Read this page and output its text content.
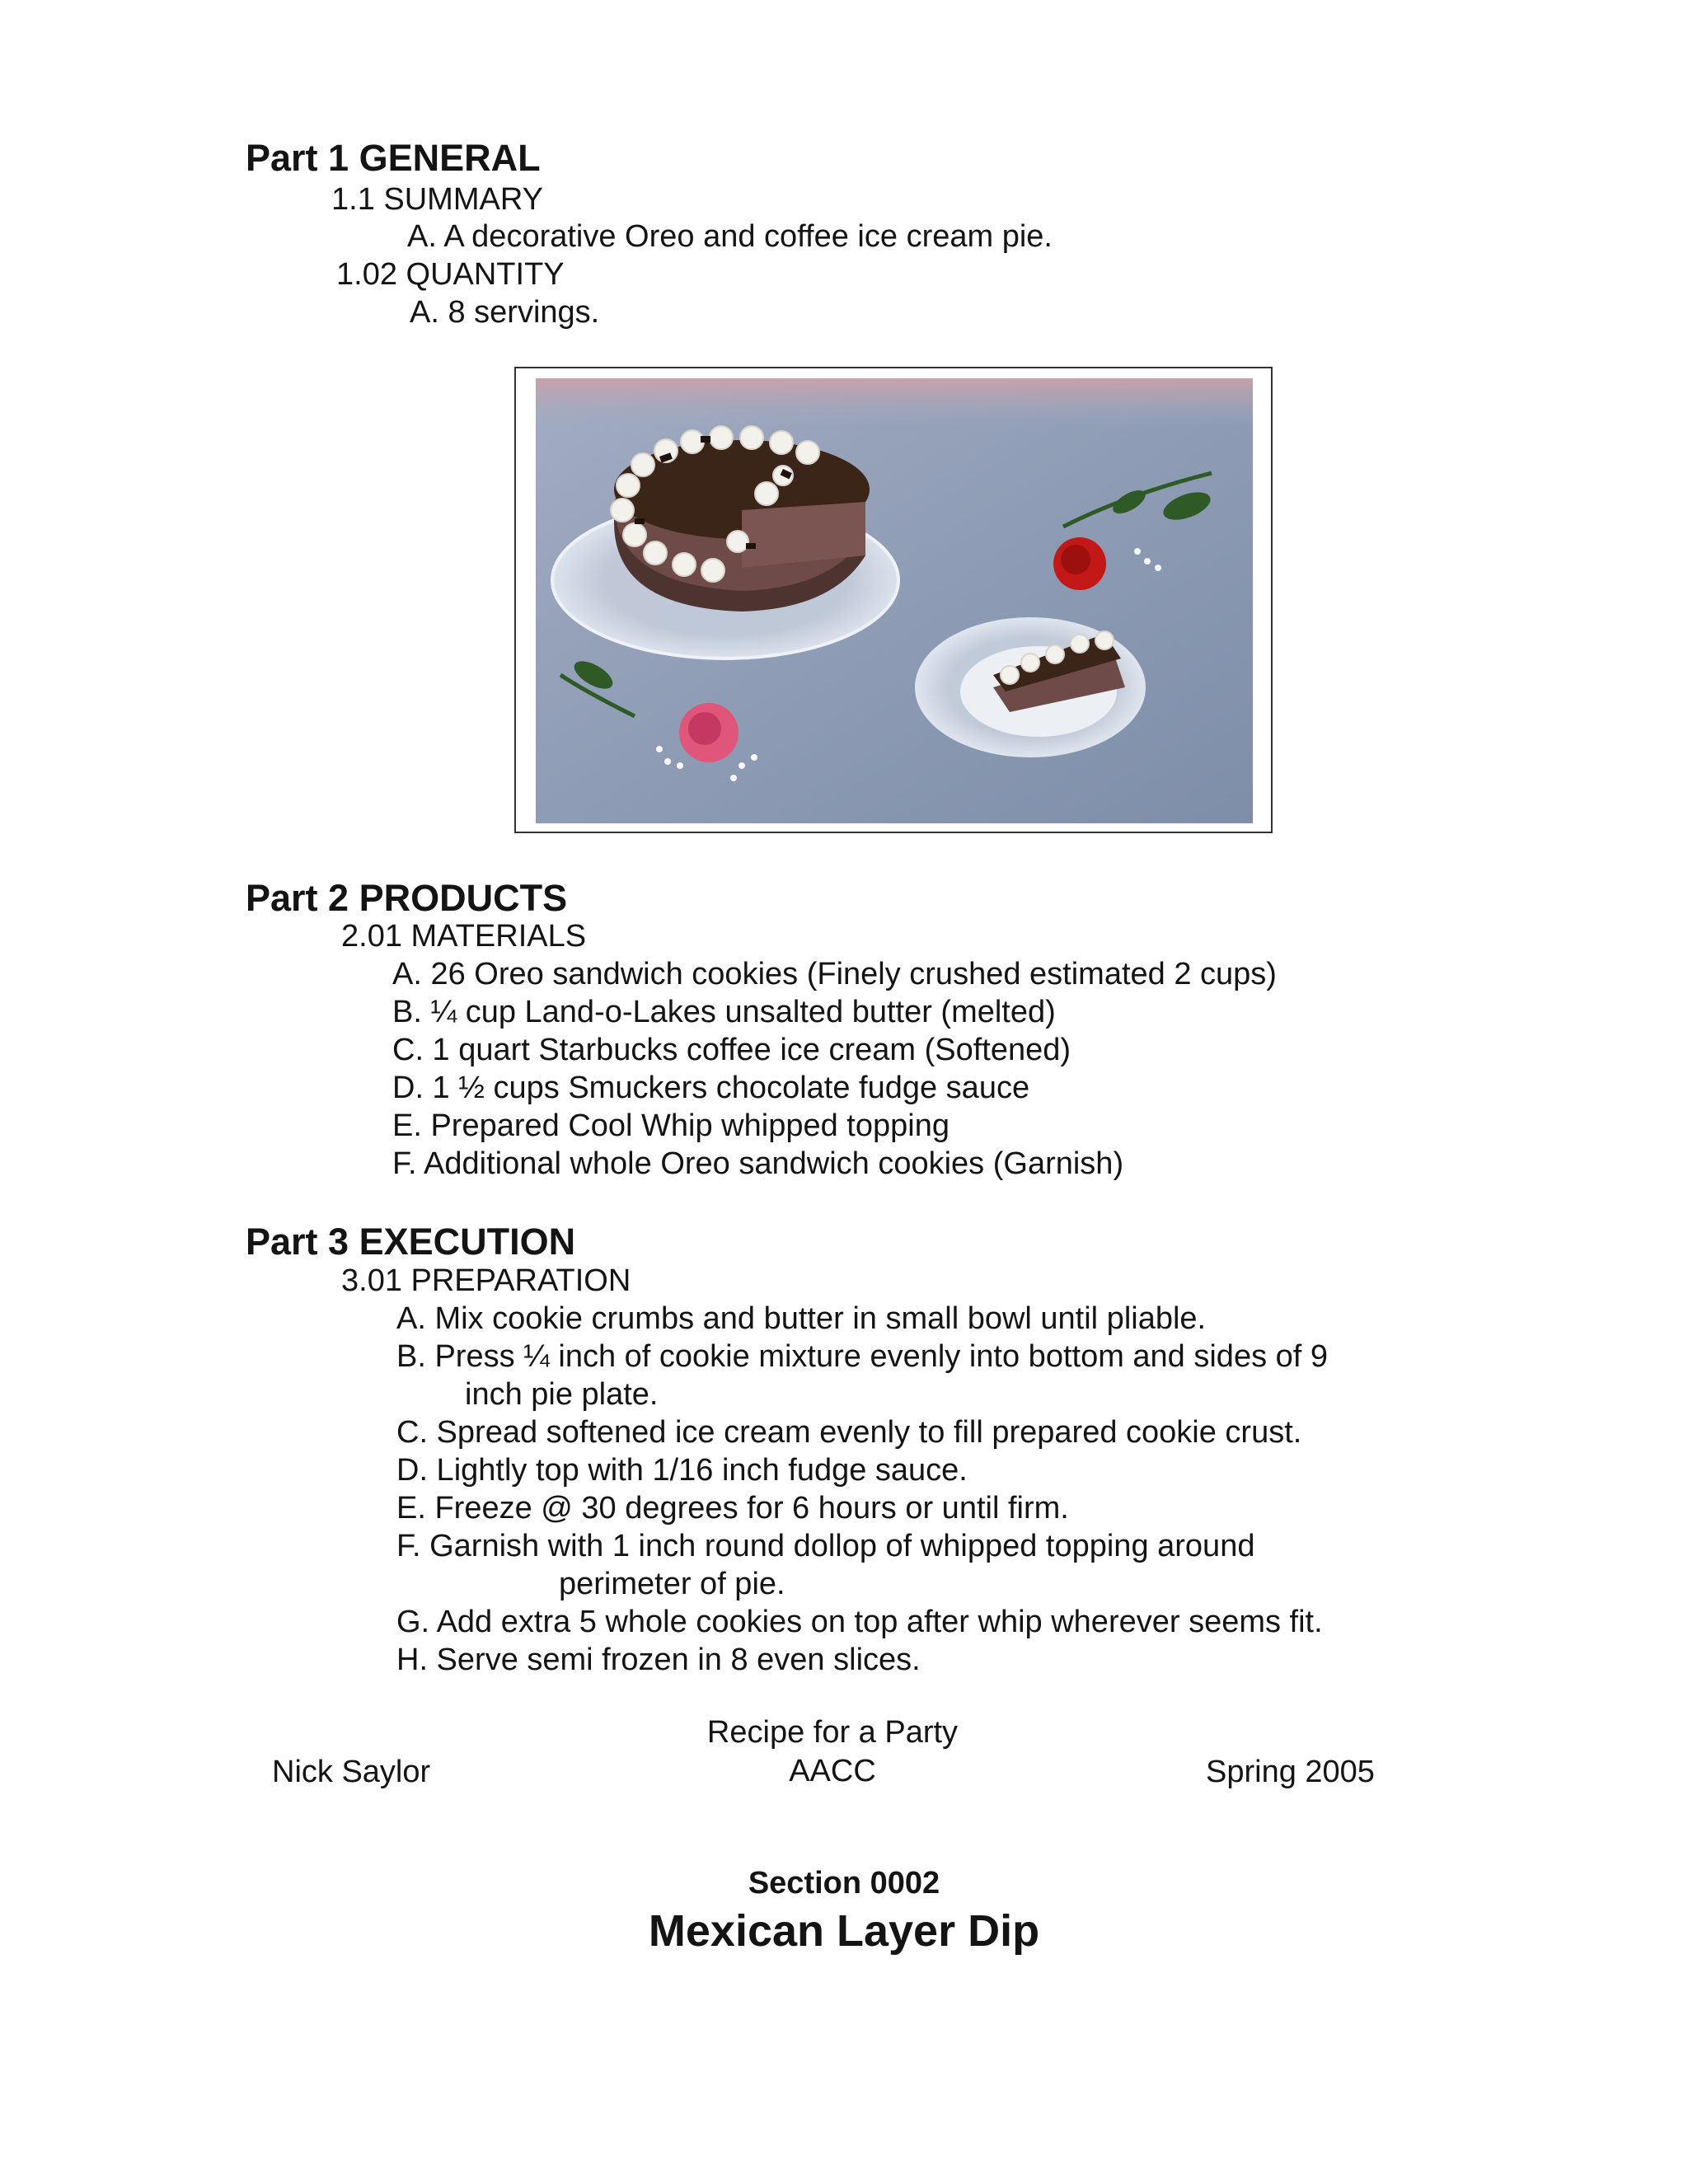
Part 1 GENERAL
1.1 SUMMARY
A. A decorative Oreo and coffee ice cream pie.
1.02 QUANTITY
A. 8 servings.
Part 2 PRODUCTS
2.01 MATERIALS
A. 26 Oreo sandwich cookies (Finely crushed estimated 2 cups)
B. ¼ cup Land-o-Lakes unsalted butter (melted)
C. 1 quart Starbucks coffee ice cream (Softened)
D. 1 ½ cups Smuckers chocolate fudge sauce
E. Prepared Cool Whip whipped topping
F. Additional whole Oreo sandwich cookies (Garnish)
Part 3 EXECUTION
3.01 PREPARATION
A. Mix cookie crumbs and butter in small bowl until pliable.
B. Press ¼ inch of cookie mixture evenly into bottom and sides of 9
inch pie plate.
C. Spread softened ice cream evenly to fill prepared cookie crust.
D. Lightly top with 1/16 inch fudge sauce.
E. Freeze @ 30 degrees for 6 hours or until firm.
F. Garnish with 1 inch round dollop of whipped topping around
perimeter of pie.
G. Add extra 5 whole cookies on top after whip wherever seems fit.
H. Serve semi frozen in 8 even slices.
Recipe for a Party
Nick Saylor	AACC	Spring 2005
Section 0002
Mexican Layer Dip
